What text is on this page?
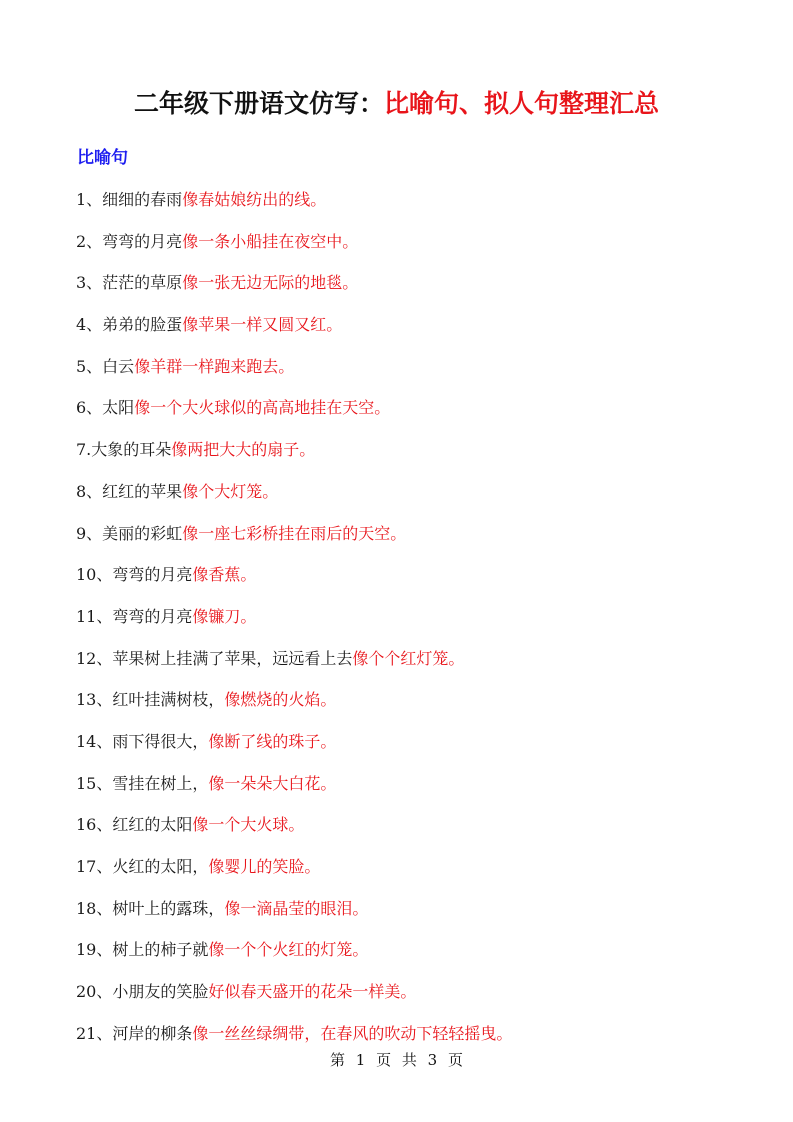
二年级下册语文仿写：比喻句、拟人句整理汇总
比喻句
1、细细的春雨像春姑娘纺出的线。
2、弯弯的月亮像一条小船挂在夜空中。
3、茫茫的草原像一张无边无际的地毯。
4、弟弟的脸蛋像苹果一样又圆又红。
5、白云像羊群一样跑来跑去。
6、太阳像一个大火球似的高高地挂在天空。
7.大象的耳朵像两把大大的扇子。
8、红红的苹果像个大灯笼。
9、美丽的彩虹像一座七彩桥挂在雨后的天空。
10、弯弯的月亮像香蕉。
11、弯弯的月亮像镰刀。
12、苹果树上挂满了苹果，远远看上去像个个红灯笼。
13、红叶挂满树枝，像燃烧的火焰。
14、雨下得很大，像断了线的珠子。
15、雪挂在树上，像一朵朵大白花。
16、红红的太阳像一个大火球。
17、火红的太阳，像婴儿的笑脸。
18、树叶上的露珠，像一滴晶莹的眼泪。
19、树上的柿子就像一个个火红的灯笼。
20、小朋友的笑脸好似春天盛开的花朵一样美。
21、河岸的柳条像一丝丝绿绸带，在春风的吹动下轻轻摇曳。
第 1 页 共 3 页
